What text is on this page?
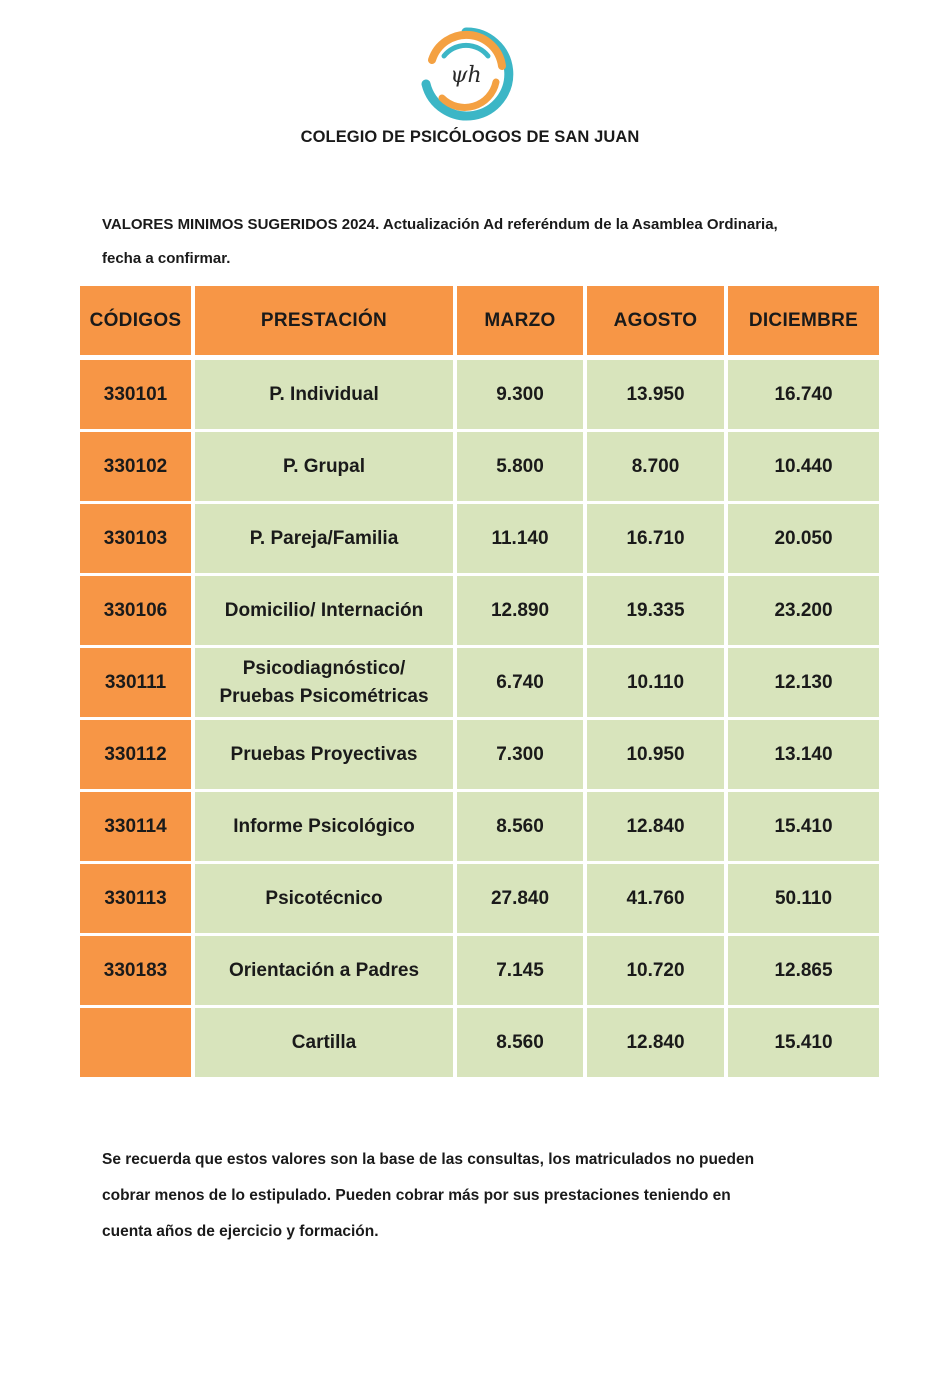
ψh
COLEGIO DE PSICÓLOGOS DE SAN JUAN
VALORES MINIMOS SUGERIDOS 2024. Actualización Ad referéndum de la Asamblea Ordinaria,
fecha a confirmar.
CÓDIGOS	PRESTACIÓN	MARZO	AGOSTO	DICIEMBRE
330101	P. Individual	9.300	13.950	16.740
330102	P. Grupal	5.800	8.700	10.440
330103	P. Pareja/Familia	11.140	16.710	20.050
330106	Domicilio/ Internación	12.890	19.335	23.200
330111	Psicodiagnóstico/
Pruebas Psicométricas	6.740	10.110	12.130
330112	Pruebas Proyectivas	7.300	10.950	13.140
330114	Informe Psicológico	8.560	12.840	15.410
330113	Psicotécnico	27.840	41.760	50.110
330183	Orientación a Padres	7.145	10.720	12.865
	Cartilla	8.560	12.840	15.410
Se recuerda que estos valores son la base de las consultas, los matriculados no pueden
cobrar menos de lo estipulado. Pueden cobrar más por sus prestaciones teniendo en
cuenta años de ejercicio y formación.
